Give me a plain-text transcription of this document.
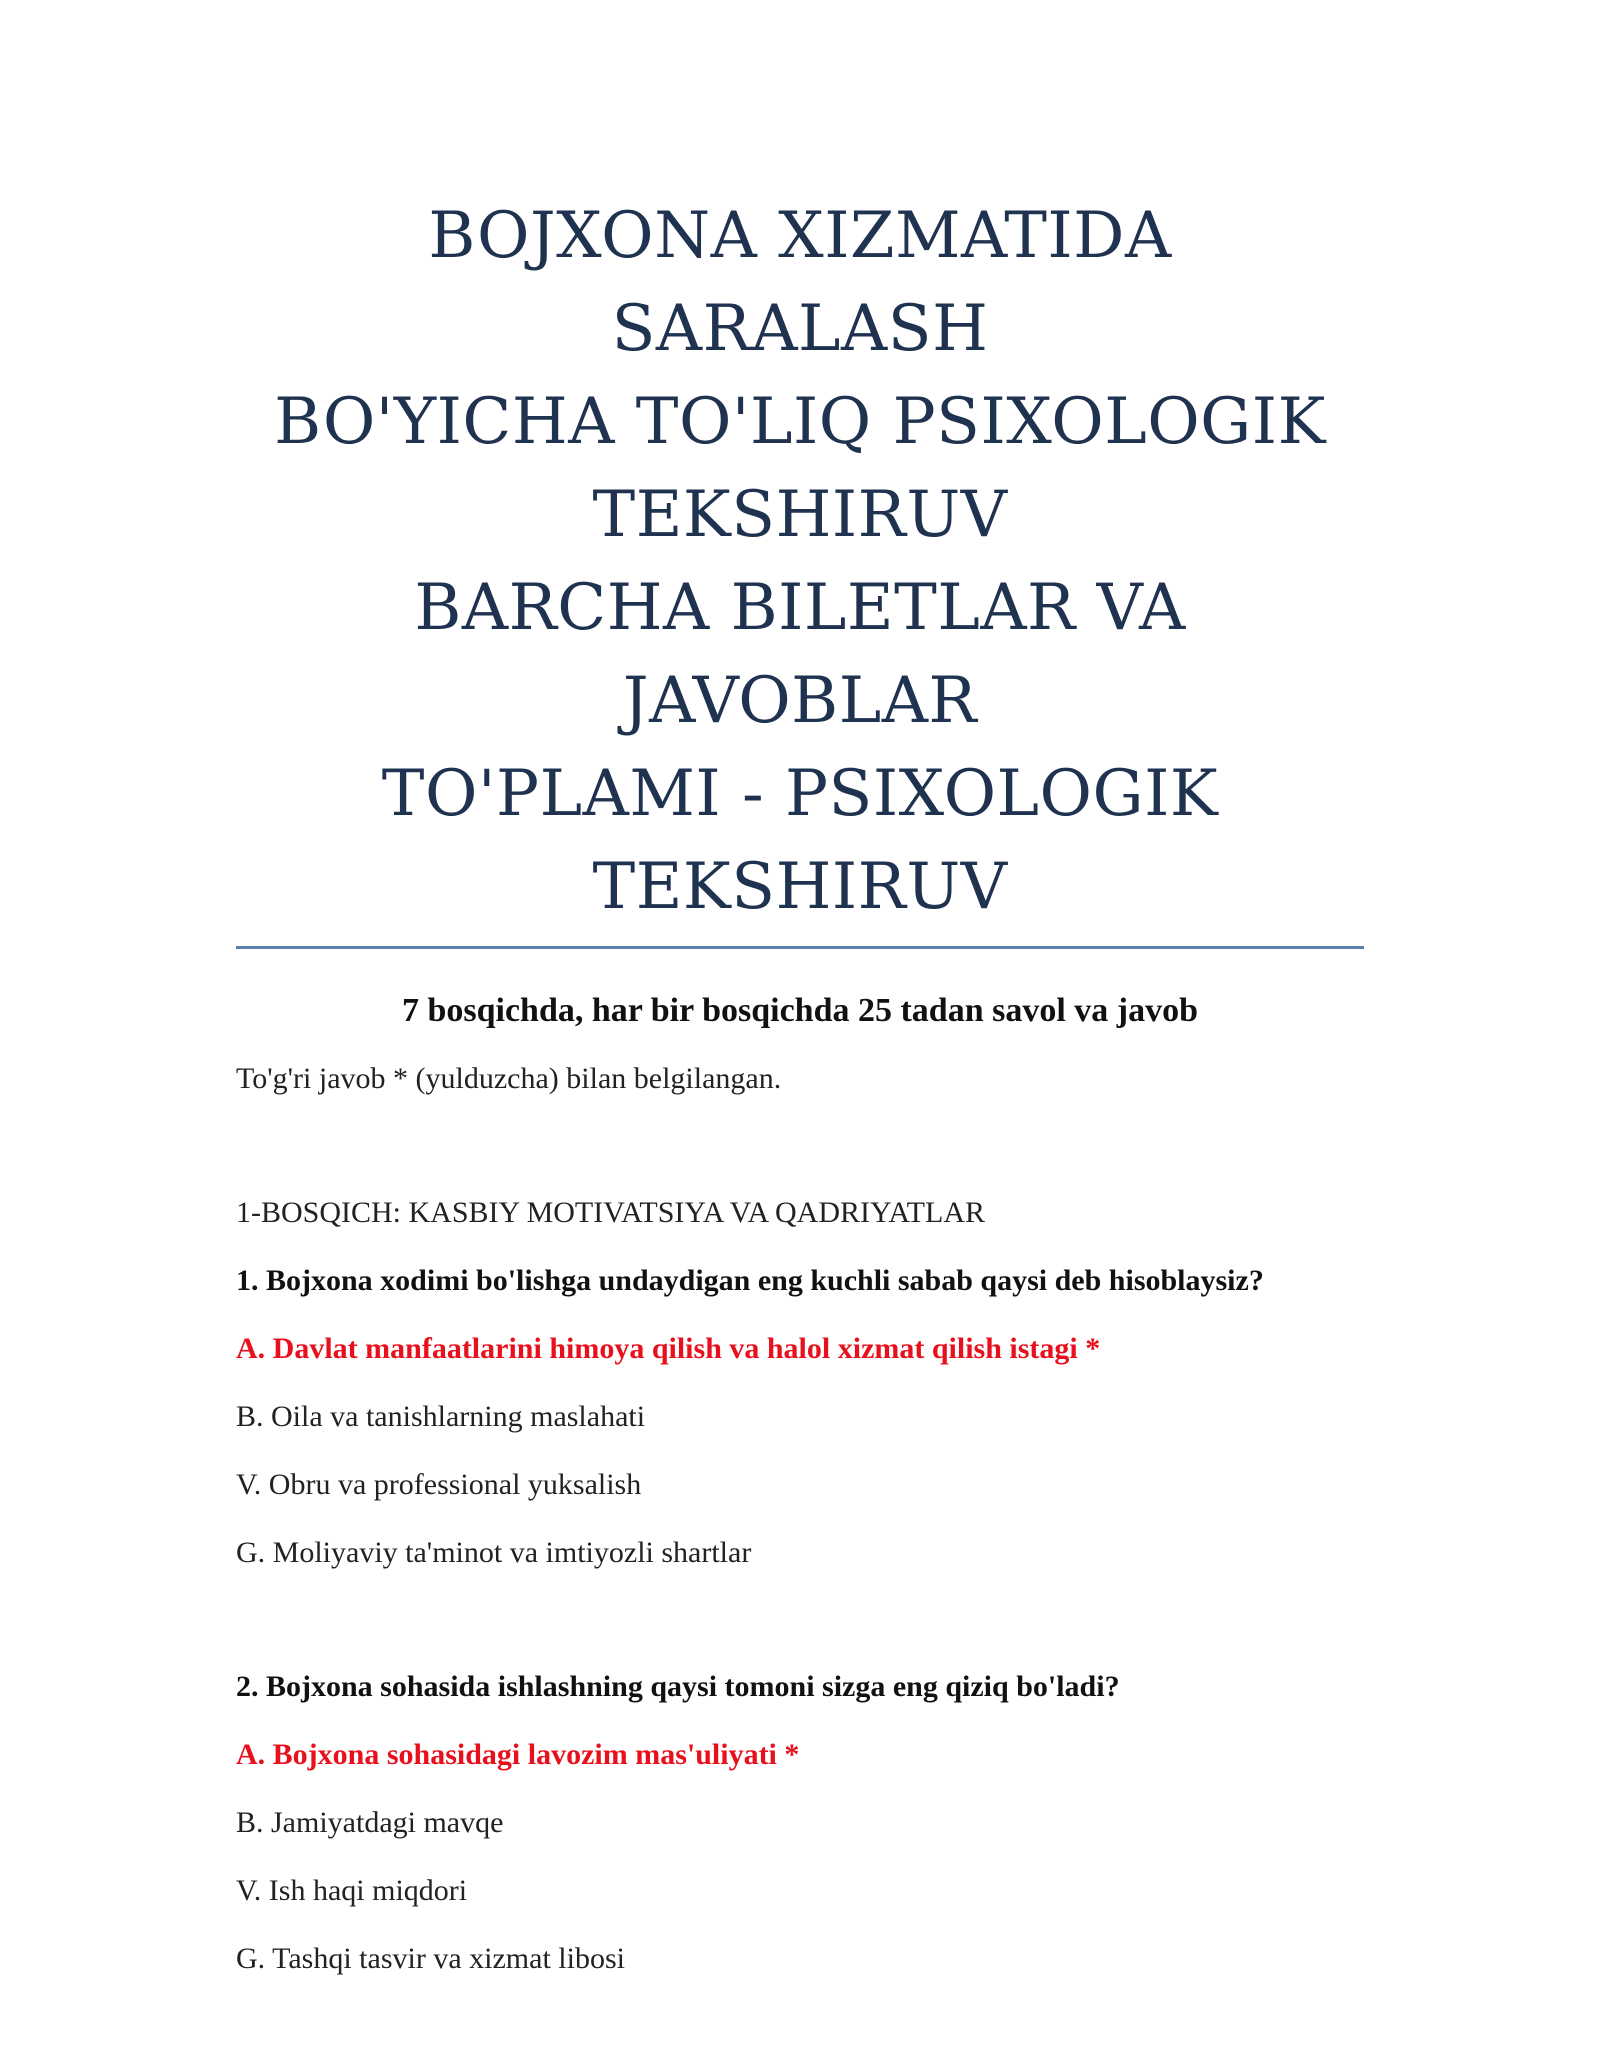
BOJXONA XIZMATIDA SARALASH
BO'YICHA TO'LIQ PSIXOLOGIK
TEKSHIRUV
BARCHA BILETLAR VA JAVOBLAR
TO'PLAMI - PSIXOLOGIK
TEKSHIRUV

7 bosqichda, har bir bosqichda 25 tadan savol va javob

To'g'ri javob * (yulduzcha) bilan belgilangan.

1-BOSQICH: KASBIY MOTIVATSIYA VA QADRIYATLAR

1. Bojxona xodimi bo'lishga undaydigan eng kuchli sabab qaysi deb hisoblaysiz?

A. Davlat manfaatlarini himoya qilish va halol xizmat qilish istagi *

B. Oila va tanishlarning maslahati

V. Obru va professional yuksalish

G. Moliyaviy ta'minot va imtiyozli shartlar

2. Bojxona sohasida ishlashning qaysi tomoni sizga eng qiziq bo'ladi?

A. Bojxona sohasidagi lavozim mas'uliyati *

B. Jamiyatdagi mavqe

V. Ish haqi miqdori

G. Tashqi tasvir va xizmat libosi
